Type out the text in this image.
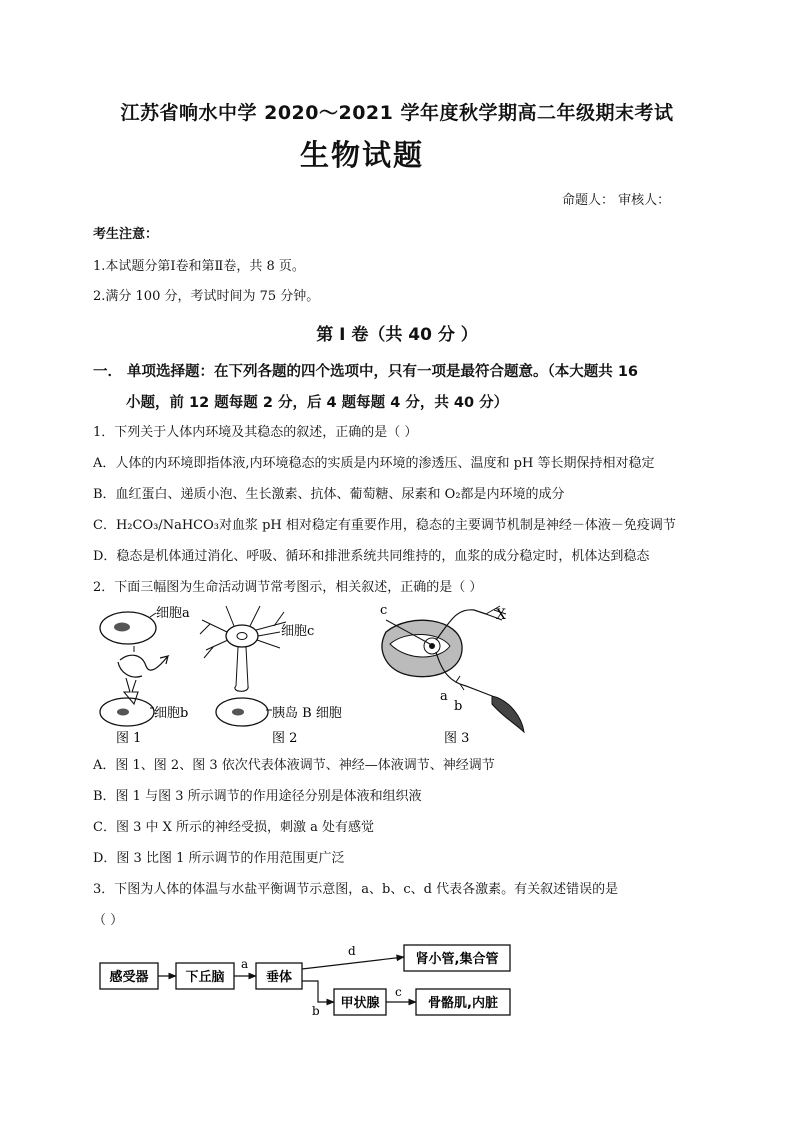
江苏省响水中学 2020～2021 学年度秋学期高二年级期末考试
生物试题
命题人： 审核人：
考生注意：
1.本试题分第Ⅰ卷和第Ⅱ卷，共 8 页。
2.满分 100 分，考试时间为 75 分钟。
第 Ⅰ 卷（共 40 分 ）
一． 单项选择题：在下列各题的四个选项中，只有一项是最符合题意。（本大题共 16
小题，前 12 题每题 2 分，后 4 题每题 4 分，共 40 分）
1．下列关于人体内环境及其稳态的叙述，正确的是（ ）
A．人体的内环境即指体液,内环境稳态的实质是内环境的渗透压、温度和 pH 等长期保持相对稳定
B．血红蛋白、递质小泡、生长激素、抗体、葡萄糖、尿素和 O₂都是内环境的成分
C．H₂CO₃/NaHCO₃对血浆 pH 相对稳定有重要作用，稳态的主要调节机制是神经－体液－免疫调节
D．稳态是机体通过消化、呼吸、循环和排泄系统共同维持的，血浆的成分稳定时，机体达到稳态
2．下面三幅图为生命活动调节常考图示，相关叙述，正确的是（ ）
细胞a
细胞b
图 1
细胞c
胰岛 B 细胞
图 2
c	X
a
b
图 3
A．图 1、图 2、图 3 依次代表体液调节、神经—体液调节、神经调节
B．图 1 与图 3 所示调节的作用途径分别是体液和组织液
C．图 3 中 X 所示的神经受损，刺激 a 处有感觉
D．图 3 比图 1 所示调节的作用范围更广泛
3．下图为人体的体温与水盐平衡调节示意图，a、b、c、d 代表各激素。有关叙述错误的是
（ ）
感受器	下丘脑	垂体
甲状腺
肾小管,集合管
骨骼肌,内脏
a
d
b
c
